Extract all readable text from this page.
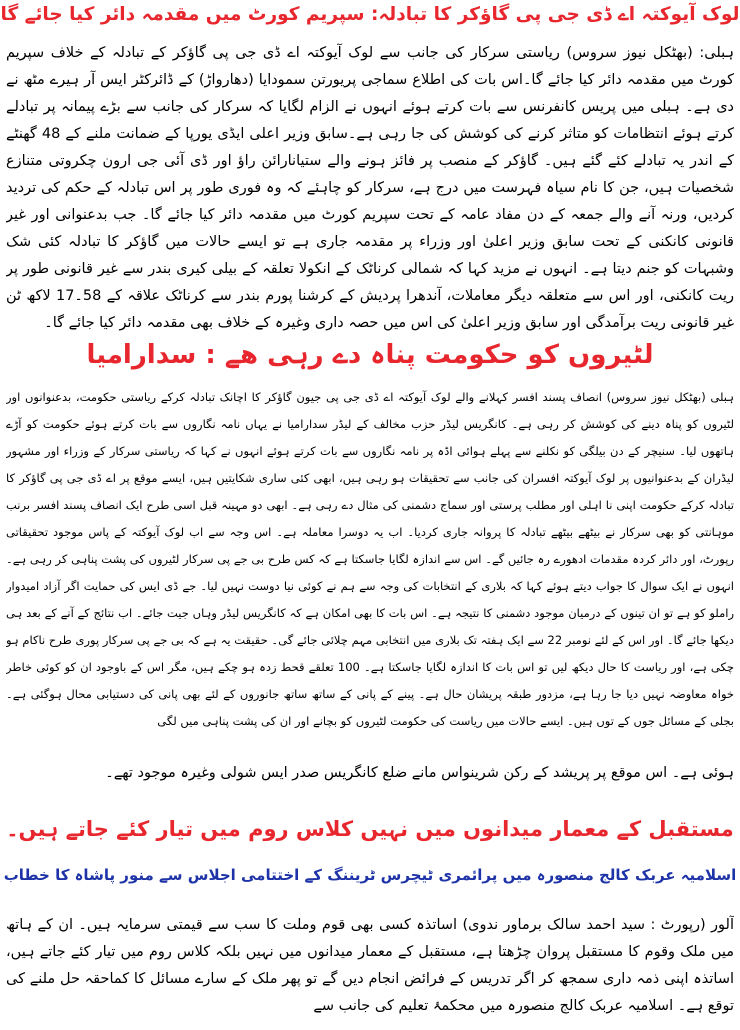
لوک آیوکتہ اے ڈی جی پی گاؤکر کا تبادلہ: سپریم کورٹ میں مقدمہ دائر کیا جائے گا

ہبلی: (بھٹکل نیوز سروس) ریاستی سرکار کی جانب سے لوک آیوکتہ اے ڈی جی پی گاؤکر کے تبادلہ کے خلاف سپریم کورٹ میں مقدمہ دائر کیا جائے گا۔اس بات کی اطلاع سماجی پریورتن سمودایا (دھارواڑ) کے ڈائرکٹر ایس آر ہیرے مٹھ نے دی ہے۔ ہبلی میں پریس کانفرنس سے بات کرتے ہوئے انہوں نے الزام لگایا کہ سرکار کی جانب سے بڑے پیمانہ پر تبادلے کرتے ہوئے انتظامات کو متاثر کرنے کی کوشش کی جا رہی ہے۔سابق وزیر اعلی ایڈی یورپا کے ضمانت ملنے کے 48 گھنٹے کے اندر یہ تبادلے کئے گئے ہیں۔ گاؤکر کے منصب پر فائز ہونے والے ستیانارائن راؤ اور ڈی آئی جی ارون چکروتی متنازع شخصیات ہیں، جن کا نام سیاہ فہرست میں درج ہے، سرکار کو چاہئے کہ وہ فوری طور پر اس تبادلہ کے حکم کی تردید کردیں، ورنہ آنے والے جمعہ کے دن مفاد عامہ کے تحت سپریم کورٹ میں مقدمہ دائر کیا جائے گا۔ جب بدعنوانی اور غیر قانونی کانکنی کے تحت سابق وزیر اعلیٰ اور وزراء پر مقدمہ جاری ہے تو ایسے حالات میں گاؤکر کا تبادلہ کئی شک وشبہات کو جنم دیتا ہے۔ انہوں نے مزید کہا کہ شمالی کرناٹک کے انکولا تعلقہ کے بیلی کیری بندر سے غیر قانونی طور پر ریت کانکنی، اور اس سے متعلقہ دیگر معاملات، آندھرا پردیش کے کرشنا پورم بندر سے کرناٹک علاقہ کے 58۔17 لاکھ ٹن غیر قانونی ریت برآمدگی اور سابق وزیر اعلیٰ کی اس میں حصہ داری وغیرہ کے خلاف بھی مقدمہ دائر کیا جائے گا۔

لٹیروں کو حکومت پناہ دے رہی ھے : سدارامیا

ہبلی (بھٹکل نیوز سروس) انصاف پسند افسر کہلانے والے لوک آیوکتہ اے ڈی جی پی جیون گاؤکر کا اچانک تبادلہ کرکے ریاستی حکومت، بدعنوانوں اور لٹیروں کو پناہ دینے کی کوشش کر رہی ہے۔ کانگریس لیڈر حزب مخالف کے لیڈر سدارامیا نے یہاں نامہ نگاروں سے بات کرتے ہوئے حکومت کو آڑے ہاتھوں لیا۔ سنیچر کے دن بیلگی کو نکلنے سے پہلے ہوائی اڈہ پر نامہ نگاروں سے بات کرتے ہوئے انہوں نے کہا کہ ریاستی سرکار کے وزراء اور مشہور لیڈران کے بدعنوانیوں پر لوک آیوکتہ افسران کی جانب سے تحقیقات ہو رہی ہیں، ابھی کئی ساری شکایتیں ہیں، ایسے موقع پر اے ڈی جی پی گاؤکر کا تبادلہ کرکے حکومت اپنی نا اہلی اور مطلب پرستی اور سماج دشمنی کی مثال دے رہی ہے۔ ابھی دو مہینہ قبل اسی طرح ایک انصاف پسند افسر برنب موہانتی کو بھی سرکار نے بیٹھے بیٹھے تبادلہ کا پروانہ جاری کردیا۔ اب یہ دوسرا معاملہ ہے۔ اس وجہ سے اب لوک آیوکتہ کے پاس موجود تحقیقاتی رپورٹ، اور دائر کردہ مقدمات ادھورے رہ جائیں گے۔ اس سے اندازہ لگایا جاسکتا ہے کہ کس طرح بی جے پی سرکار لٹیروں کی پشت پناہی کر رہی ہے۔ انہوں نے ایک سوال کا جواب دیتے ہوئے کہا کہ بلاری کے انتخابات کی وجہ سے ہم نے کوئی نیا دوست نہیں لیا۔ جے ڈی ایس کی حمایت اگر آزاد امیدوار راملو کو ہے تو ان تینوں کے درمیان موجود دشمنی کا نتیجہ ہے۔ اس بات کا بھی امکان ہے کہ کانگریس لیڈر وہاں جیت جائے۔ اب نتائج کے آنے کے بعد ہی دیکھا جائے گا۔ اور اس کے لئے نومبر 22 سے ایک ہفتہ تک بلاری میں انتخابی مہم چلائی جائے گی۔ حقیقت یہ ہے کہ بی جے پی سرکار پوری طرح ناکام ہو چکی ہے، اور ریاست کا حال دیکھ لیں تو اس بات کا اندازہ لگایا جاسکتا ہے۔ 100 تعلقے قحط زدہ ہو چکے ہیں، مگر اس کے باوجود ان کو کوئی خاطر خواہ معاوضہ نہیں دیا جا رہا ہے، مزدور طبقہ پریشان حال ہے۔ پینے کے پانی کے ساتھ ساتھ جانوروں کے لئے بھی پانی کی دستیابی محال ہوگئی ہے۔ بجلی کے مسائل جوں کے توں ہیں۔ ایسے حالات میں ریاست کی حکومت لٹیروں کو بچانے اور ان کی پشت پناہی میں لگی

ہوئی ہے۔ اس موقع پر پریشد کے رکن شرینواس مانے ضلع کانگریس صدر ایس شولی وغیرہ موجود تھے۔

مستقبل کے معمار میدانوں میں نہیں کلاس روم میں تیار کئے جاتے ہیں۔
اسلامیہ عربک کالج منصورہ میں پرائمری ٹیچرس ٹریننگ کے اختتامی اجلاس سے منور پاشاہ کا خطاب

آلور (رپورٹ : سید احمد سالک برماور ندوی) اساتذہ کسی بھی قوم وملت کا سب سے قیمتی سرمایہ ہیں۔ ان کے ہاتھ میں ملک وقوم کا مستقبل پروان چڑھتا ہے، مستقبل کے معمار میدانوں میں نہیں بلکہ کلاس روم میں تیار کئے جاتے ہیں، اساتذہ اپنی ذمہ داری سمجھ کر اگر تدریس کے فرائض انجام دیں گے تو پھر ملک کے سارے مسائل کا کماحقہ حل ملنے کی توقع ہے۔ اسلامیہ عربک کالج منصورہ میں محکمۂ تعلیم کی جانب سے
